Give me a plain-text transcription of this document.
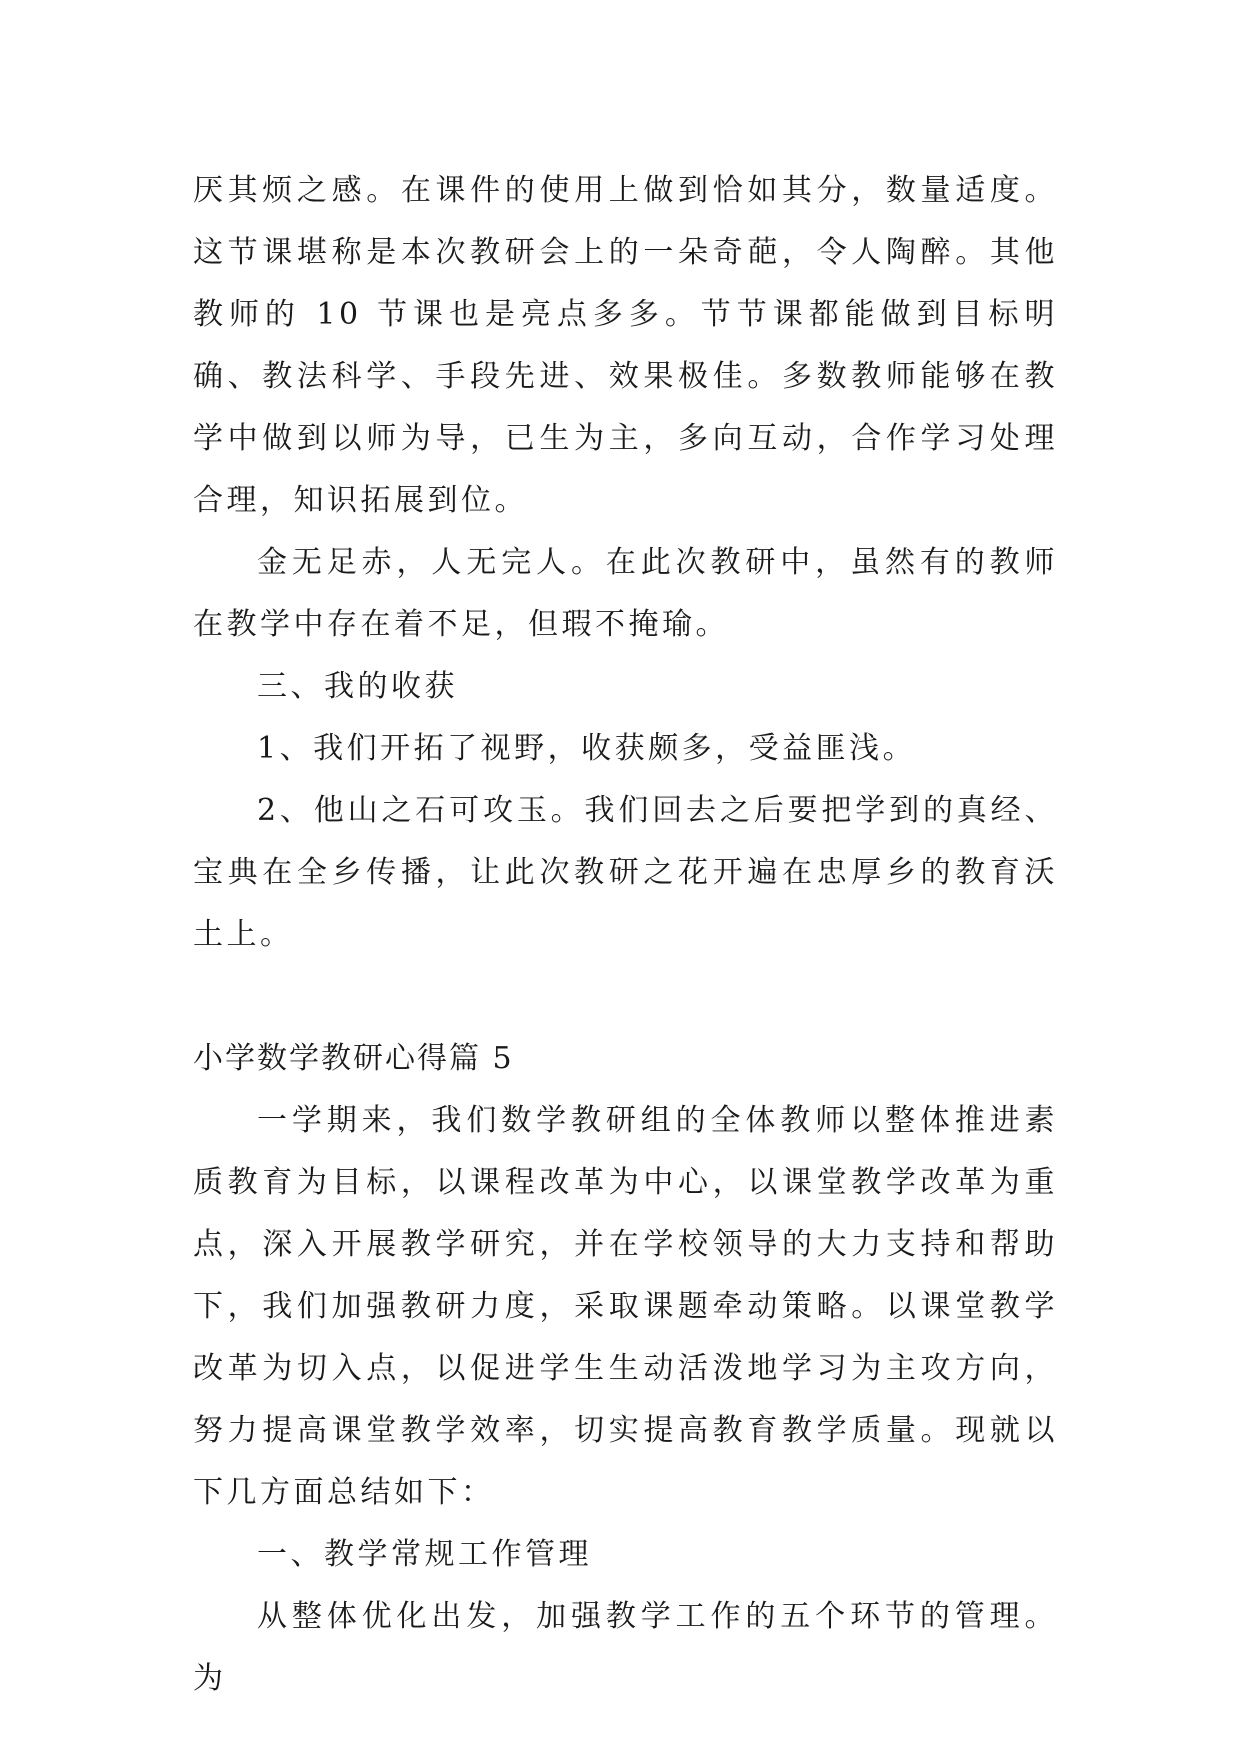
厌其烦之感。在课件的使用上做到恰如其分，数量适度。这节课堪称是本次教研会上的一朵奇葩，令人陶醉。其他教师的 10 节课也是亮点多多。节节课都能做到目标明确、教法科学、手段先进、效果极佳。多数教师能够在教学中做到以师为导，已生为主，多向互动，合作学习处理合理，知识拓展到位。

金无足赤，人无完人。在此次教研中，虽然有的教师在教学中存在着不足，但瑕不掩瑜。

三、我的收获

1、我们开拓了视野，收获颇多，受益匪浅。

2、他山之石可攻玉。我们回去之后要把学到的真经、宝典在全乡传播，让此次教研之花开遍在忠厚乡的教育沃土上。

小学数学教研心得篇 5

一学期来，我们数学教研组的全体教师以整体推进素质教育为目标，以课程改革为中心，以课堂教学改革为重点，深入开展教学研究，并在学校领导的大力支持和帮助下，我们加强教研力度，采取课题牵动策略。以课堂教学改革为切入点，以促进学生生动活泼地学习为主攻方向，努力提高课堂教学效率，切实提高教育教学质量。现就以下几方面总结如下：

一、教学常规工作管理

从整体优化出发，加强教学工作的五个环节的管理。为
